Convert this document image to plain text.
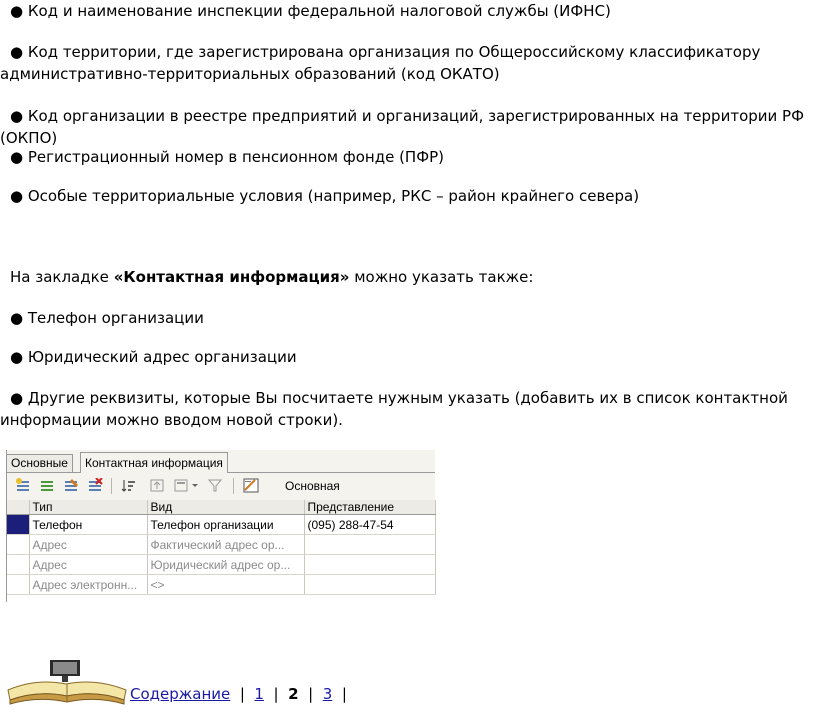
● Код и наименование инспекции федеральной налоговой службы (ИФНС)
● Код территории, где зарегистрирована организация по Общероссийскому классификатору административно-территориальных образований (код ОКАТО)
● Код организации в реестре предприятий и организаций, зарегистрированных на территории РФ (ОКПО)
● Регистрационный номер в пенсионном фонде (ПФР)
● Особые территориальные условия (например, РКС – район крайнего севера)
На закладке «Контактная информация» можно указать также:
● Телефон организации
● Юридический адрес организации
● Другие реквизиты, которые Вы посчитаете нужным указать (добавить их в список контактной информации можно вводом новой строки).
Основные	Контактная информация
Основная
	Тип	Вид	Представление

	Телефон	Телефон организации	(095) 288-47-54
	Адрес	Фактический адрес ор...	
	Адрес	Юридический адрес ор...	
	Адрес электронн...	<>	
Содержание | 1 | 2 | 3 |
